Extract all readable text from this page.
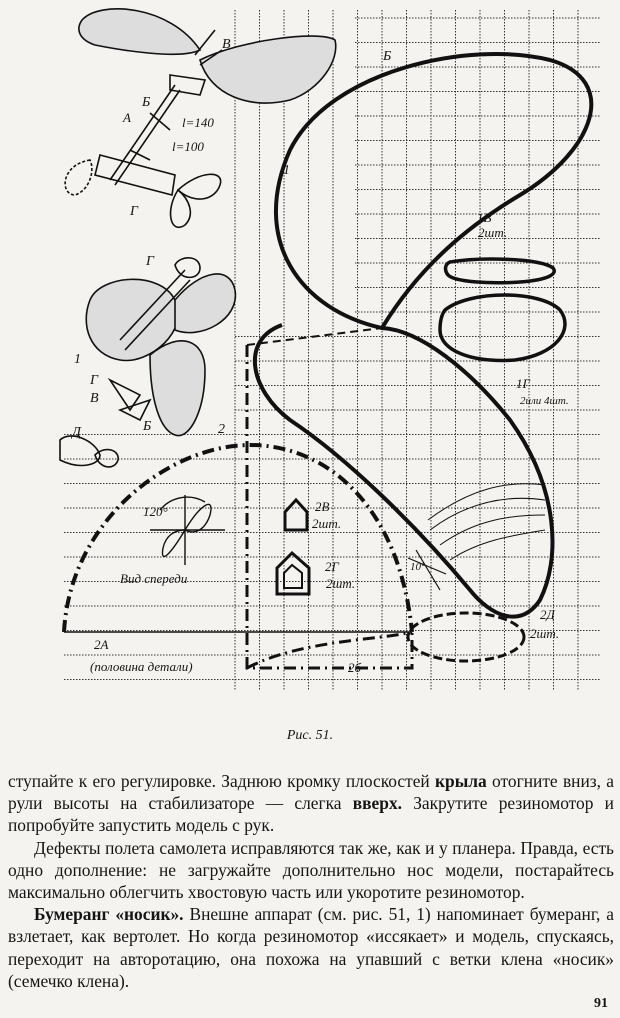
В
Б
А	l=140
l=100
Г
Б
1
1В
2шт.
1Г
2или 4шт.
Г
1
Г
В
Б
Д	2
120°
Вид спереди
2В
2шт.
2Г
2шт.
10°
2Д
2шт.
2А
(половина детали)	2б
Рис. 51.

ступайте к его регулировке. Заднюю кромку плоскостей крыла отогните вниз, а рули высоты на стабилизаторе — слегка вверх. Закрутите резиномотор и попробуйте запустить модель с рук.

Дефекты полета самолета исправляются так же, как и у планера. Правда, есть одно дополнение: не загружайте дополнительно нос модели, постарайтесь максимально облегчить хвостовую часть или укоротите резиномотор.

Бумеранг «носик». Внешне аппарат (см. рис. 51, 1) напоминает бумеранг, а взлетает, как вертолет. Но когда резиномотор «иссякает» и модель, спускаясь, переходит на авторотацию, она похожа на упавший с ветки клена «носик» (семечко клена).

91
